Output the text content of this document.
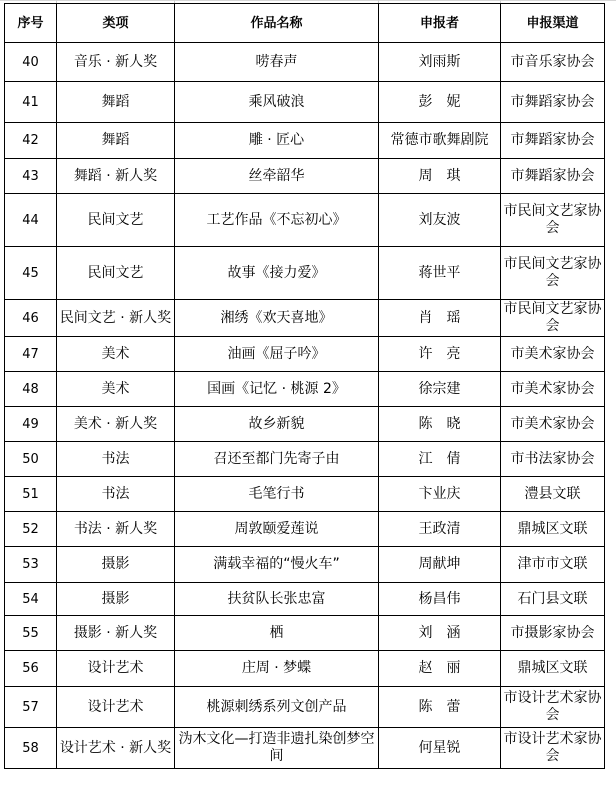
序号	类项	作品名称	申报者	申报渠道
40	音乐 · 新人奖	唠春声	刘雨斯	市音乐家协会
41	舞蹈	乘风破浪	彭　妮	市舞蹈家协会
42	舞蹈	雕 · 匠心	常德市歌舞剧院	市舞蹈家协会
43	舞蹈 · 新人奖	丝牵韶华	周　琪	市舞蹈家协会
44	民间文艺	工艺作品《不忘初心》	刘友波	市民间文艺家协会
45	民间文艺	故事《接力爱》	蒋世平	市民间文艺家协会
46	民间文艺 · 新人奖	湘绣《欢天喜地》	肖　瑶	市民间文艺家协会
47	美术	油画《屈子吟》	许　亮	市美术家协会
48	美术	国画《记忆 · 桃源 2》	徐宗建	市美术家协会
49	美术 · 新人奖	故乡新貌	陈　晓	市美术家协会
50	书法	召还至都门先寄子由	江　倩	市书法家协会
51	书法	毛笔行书	卞业庆	澧县文联
52	书法 · 新人奖	周敦颐爱莲说	王政清	鼎城区文联
53	摄影	满载幸福的“慢火车”	周献坤	津市市文联
54	摄影	扶贫队长张忠富	杨昌伟	石门县文联
55	摄影 · 新人奖	栖	刘　涵	市摄影家协会
56	设计艺术	庄周 · 梦蝶	赵　丽	鼎城区文联
57	设计艺术	桃源刺绣系列文创产品	陈　蕾	市设计艺术家协会
58	设计艺术 · 新人奖	沩木文化—打造非遗扎染创梦空间	何星锐	市设计艺术家协会
